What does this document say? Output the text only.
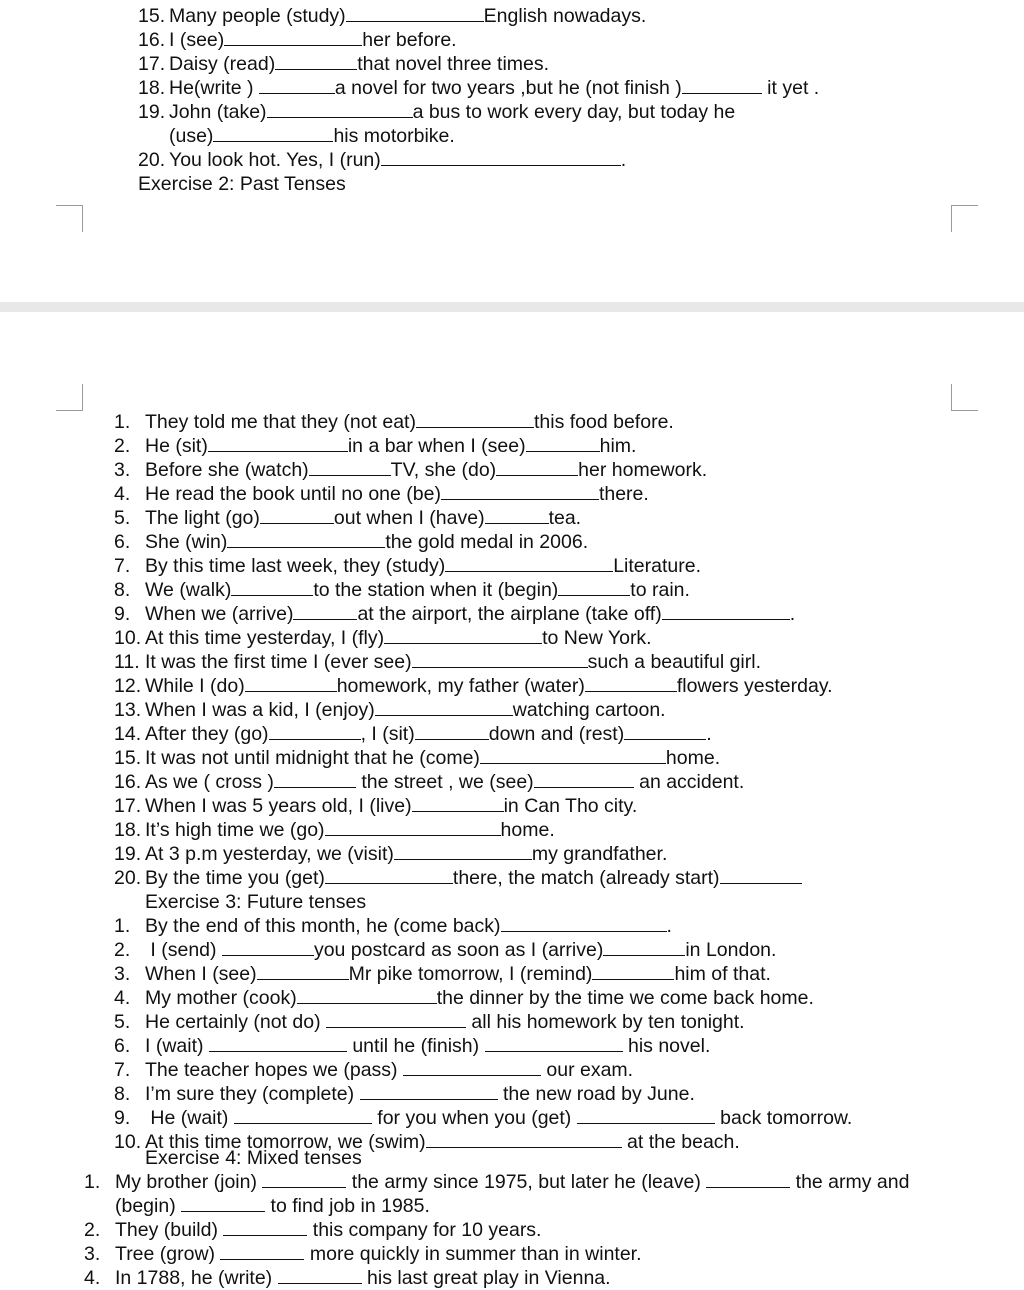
15. Many people (study)	English nowadays.
16. I (see)	her before.
17. Daisy (read)	that novel three times.
18. He(write )	a novel for two years ,but he (not finish )	it yet .
19. John (take)	a bus to work every day, but today he
(use)	his motorbike.
20. You look hot. Yes, I (run)	.
Exercise 2: Past Tenses
1. They told me that they (not eat)	this food before.
2. He (sit)	in a bar when I (see)	him.
3. Before she (watch)	TV, she (do)	her homework.
4. He read the book until no one (be)	there.
5. The light (go)	out when I (have)	tea.
6. She (win)	the gold medal in 2006.
7. By this time last week, they (study)	Literature.
8. We (walk)	to the station when it (begin)	to rain.
9. When we (arrive)	at the airport, the airplane (take off)	.
10. At this time yesterday, I (fly)	to New York.
11. It was the first time I (ever see)	such a beautiful girl.
12. While I (do)	homework, my father (water)	flowers yesterday.
13. When I was a kid, I (enjoy)	watching cartoon.
14. After they (go)	, I (sit)	down and (rest)	.
15. It was not until midnight that he (come)	home.
16. As we ( cross )	the street , we (see)	an accident.
17. When I was 5 years old, I (live)	in Can Tho city.
18. It’s high time we (go)	home.
19. At 3 p.m yesterday, we (visit)	my grandfather.
20. By the time you (get)	there, the match (already start)
Exercise 3: Future tenses
1. By the end of this month, he (come back)	.
2. I (send)	you postcard as soon as I (arrive)	in London.
3. When I (see)	Mr pike tomorrow, I (remind)	him of that.
4. My mother (cook)	the dinner by the time we come back home.
5. He certainly (not do)	all his homework by ten tonight.
6. I (wait)	until he (finish)	his novel.
7. The teacher hopes we (pass)	our exam.
8. I’m sure they (complete)	the new road by June.
9. He (wait)	for you when you (get)	back tomorrow.
10. At this time tomorrow, we (swim)	at the beach.
Exercise 4: Mixed tenses
1. My brother (join)	the army since 1975, but later he (leave)	the army and
(begin)	to find job in 1985.
2. They (build)	this company for 10 years.
3. Tree (grow)	more quickly in summer than in winter.
4. In 1788, he (write)	his last great play in Vienna.
